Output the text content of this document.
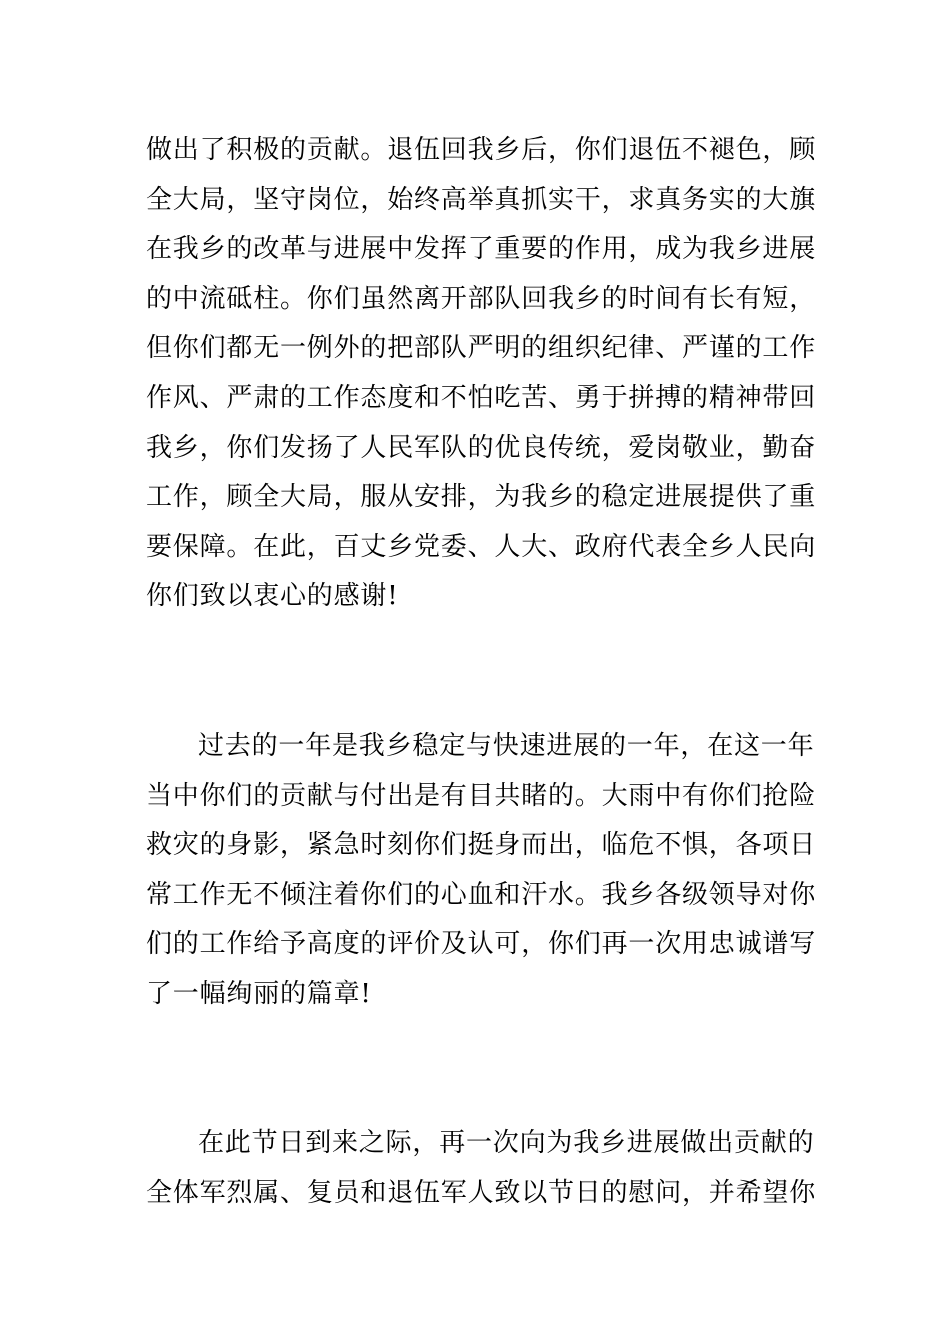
做出了积极的贡献。退伍回我乡后，你们退伍不褪色，顾
全大局，坚守岗位，始终高举真抓实干，求真务实的大旗
在我乡的改革与进展中发挥了重要的作用，成为我乡进展
的中流砥柱。你们虽然离开部队回我乡的时间有长有短，
但你们都无一例外的把部队严明的组织纪律、严谨的工作
作风、严肃的工作态度和不怕吃苦、勇于拼搏的精神带回
我乡，你们发扬了人民军队的优良传统，爱岗敬业，勤奋
工作，顾全大局，服从安排，为我乡的稳定进展提供了重
要保障。在此，百丈乡党委、人大、政府代表全乡人民向
你们致以衷心的感谢!
过去的一年是我乡稳定与快速进展的一年，在这一年
当中你们的贡献与付出是有目共睹的。大雨中有你们抢险
救灾的身影，紧急时刻你们挺身而出，临危不惧，各项日
常工作无不倾注着你们的心血和汗水。我乡各级领导对你
们的工作给予高度的评价及认可，你们再一次用忠诚谱写
了一幅绚丽的篇章!
在此节日到来之际，再一次向为我乡进展做出贡献的
全体军烈属、复员和退伍军人致以节日的慰问，并希望你
